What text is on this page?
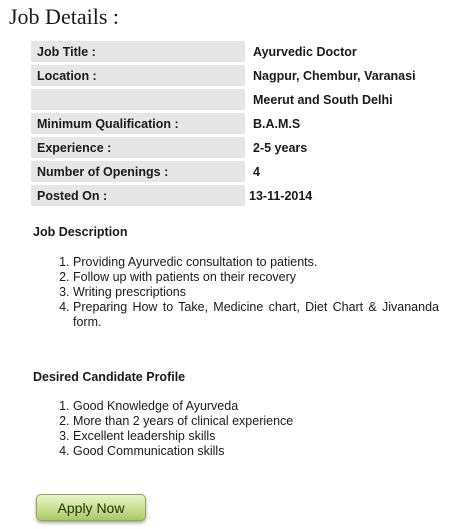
Job Details :
Job Title :		Ayurvedic Doctor
Location :		Nagpur, Chembur, Varanasi
		Meerut and South Delhi
Minimum Qualification :		B.A.M.S
Experience :		2-5 years
Number of Openings :		4
Posted On :		13-11-2014
Job Description
1. Providing Ayurvedic consultation to patients.
2. Follow up with patients on their recovery
3. Writing prescriptions
4. Preparing How to Take, Medicine chart, Diet Chart & Jivananda form.
Desired Candidate Profile
1. Good Knowledge of Ayurveda
2. More than 2 years of clinical experience
3. Excellent leadership skills
4. Good Communication skills
Apply Now
